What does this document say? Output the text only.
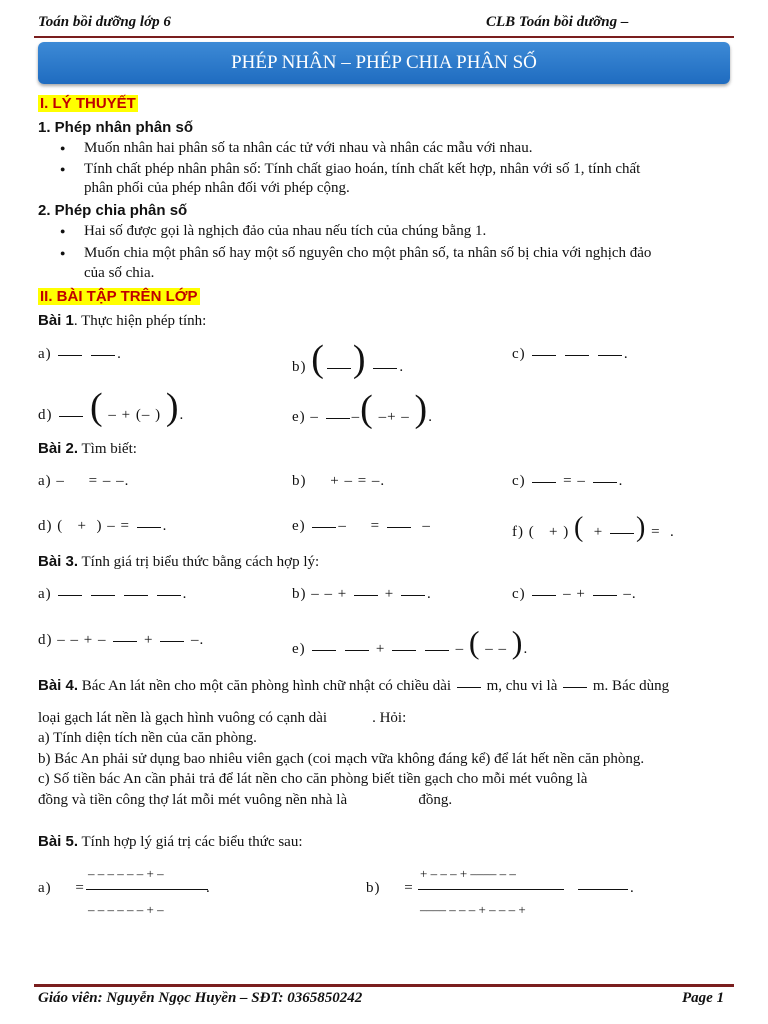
Toán bồi dưỡng lớp 6	CLB Toán bồi dưỡng –
PHÉP NHÂN – PHÉP CHIA PHÂN SỐ
I. LÝ THUYẾT
1. Phép nhân phân số
● Muốn nhân hai phân số ta nhân các tử với nhau và nhân các mẫu với nhau.
● Tính chất phép nhân phân số: Tính chất giao hoán, tính chất kết hợp, nhân với số 1, tính chất
phân phối của phép nhân đối với phép cộng.
2. Phép chia phân số
● Hai số được gọi là nghịch đảo của nhau nếu tích của chúng bằng 1.
● Muốn chia một phân số hay một số nguyên cho một phân số, ta nhân số bị chia với nghịch đảo
của số chia.
II. BÀI TẬP TRÊN LỚP
Bài 1. Thực hiện phép tính:
a)	.
b) ( ) .
c)	.
d) ( – + (– ) ).	e) – –( –+ – ).
Bài 2. Tìm biết:
a) –     = – –.	b)     + – = –.	c)  = – .
d) (   +  ) – = .	e) –     =   –	f) (   + ) (  + ) =  .
Bài 3. Tính giá trị biểu thức bằng cách hợp lý:
a)	.	b) – – +  + .	c)  – +  –.
d) – – + –  +  –.
e)	+	– ( – – ).
Bài 4. Bác An lát nền cho một căn phòng hình chữ nhật có chiều dài m, chu vi là m. Bác dùng
loại gạch lát nền là gạch hình vuông có cạnh dài	. Hỏi:
a) Tính diện tích nền của căn phòng.
b) Bác An phải sử dụng bao nhiêu viên gạch (coi mạch vữa không đáng kể) để lát hết nền căn phòng.
c) Số tiền bác An cần phải trả để lát nền cho căn phòng biết tiền gạch cho mỗi mét vuông là
đồng và tiền công thợ lát mỗi mét vuông nền nhà là	đồng.
Bài 5. Tính hợp lý giá trị các biểu thức sau:
a)     =
– – – – – – + –
– – – – – – + –
.	b)     =
+ – – – + –––– – –
–––– – – – + – – – +
.
Giáo viên: Nguyễn Ngọc Huyền – SĐT: 0365850242	Page 1
